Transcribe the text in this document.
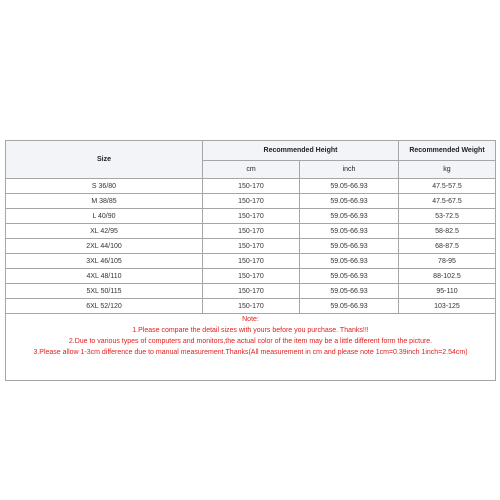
Size	Recommended Height		Recommended Weight
	cm	inch	kg
S 36/80	150-170	59.05-66.93	47.5-57.5
M 38/85	150-170	59.05-66.93	47.5-67.5
L 40/90	150-170	59.05-66.93	53-72.5
XL 42/95	150-170	59.05-66.93	58-82.5
2XL 44/100	150-170	59.05-66.93	68-87.5
3XL 46/105	150-170	59.05-66.93	78-95
4XL 48/110	150-170	59.05-66.93	88-102.5
5XL 50/115	150-170	59.05-66.93	95-110
6XL 52/120	150-170	59.05-66.93	103-125

Note:
1.Please compare the detail sizes with yours before you purchase. Thanks!!!
2.Due to various types of computers and monitors,the actual color of the item may be a little different form the picture.
3.Please allow 1-3cm difference due to manual measurement.Thanks(All measurement in cm and please note 1cm=0.39inch 1inch=2.54cm)			
